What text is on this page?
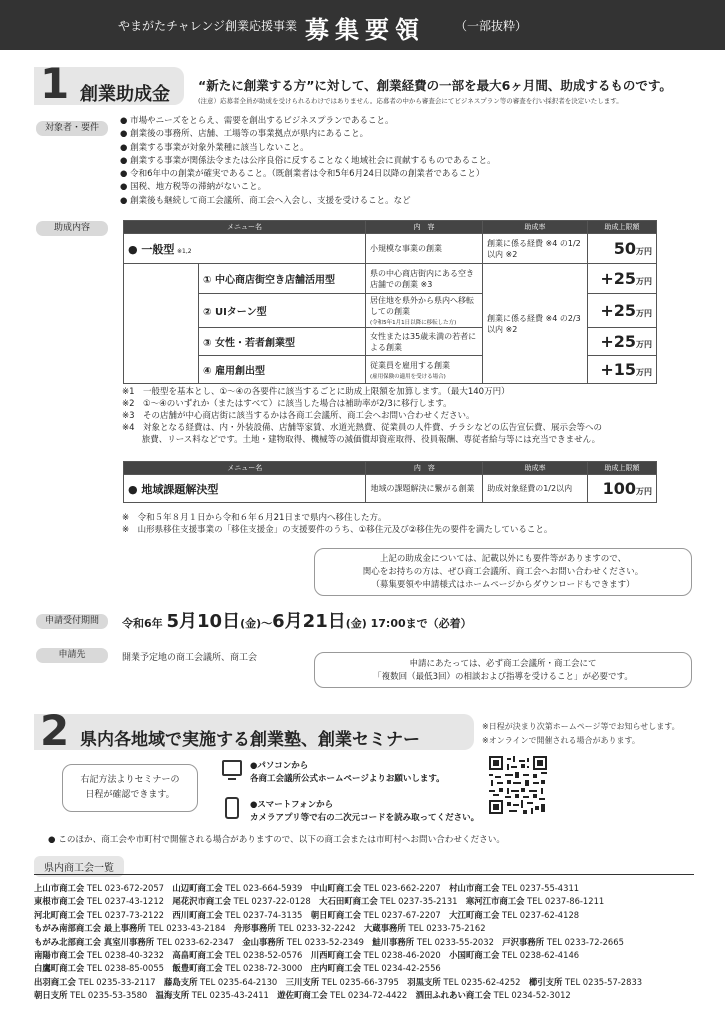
やまがたチャレンジ創業応援事業 募集要領	（一部抜粋）
1 創業助成金 “新たに創業する方”に対して、創業経費の一部を最大6ヶ月間、助成するものです。
(注意）応募者全員が助成を受けられるわけではありません。応募者の中から審査会にてビジネスプラン等の審査を行い採択者を決定いたします。
対象者・要件
● 市場やニーズをとらえ、需要を創出するビジネスプランであること。
● 創業後の事務所、店舗、工場等の事業拠点が県内にあること。
● 創業する事業が対象外業種に該当しないこと。
● 創業する事業が関係法令または公序良俗に反することなく地域社会に貢献するものであること。
● 令和6年中の創業が確実であること。（既創業者は令和5年6月24日以降の創業者であること）
● 国税、地方税等の滞納がないこと。
● 創業後も継続して商工会議所、商工会へ入会し、支援を受けること。など
助成内容	メニュー名		内　容	助成率	助成上限額
● 一般型 ※1,2		小規模な事業の創業	創業に係る経費 ※4 の1/2以内 ※2	50万円
	① 中心商店街空き店舗活用型	県の中心商店街内にある空き店舗での創業 ※3	創業に係る経費 ※4 の2/3以内 ※2	+25万円
	② UIターン型	居住地を県外から県内へ移転しての創業
(令和5年1月1日以降に移転した方)		+25万円
	③ 女性・若者創業型	女性または35歳未満の若者による創業		+25万円
	④ 雇用創出型	従業員を雇用する創業
(雇用保険の適用を受ける場合)		+15万円
※1　一般型を基本とし、①〜④の各要件に該当するごとに助成上限額を加算します。（最大140万円）
※2　①〜④のいずれか（またはすべて）に該当した場合は補助率が2/3に移行します。
※3　その店舗が中心商店街に該当するかは各商工会議所、商工会へお問い合わせください。
※4　対象となる経費は、内・外装設備、店舗等家賃、水道光熱費、従業員の人件費、チラシなどの広告宣伝費、展示会等への
　　 旅費、リース料などです。土地・建物取得、機械等の減価償却資産取得、役員報酬、専従者給与等には充当できません。
メニュー名	内　容	助成率	助成上限額
● 地域課題解決型	地域の課題解決に繋がる創業	助成対象経費の1/2以内	100万円
※　令和５年８月１日から令和６年６月21日まで県内へ移住した方。
※　山形県移住支援事業の「移住支援金」の支援要件のうち、①移住元及び②移住先の要件を満たしていること。
上記の助成金については、記載以外にも要件等がありますので、
関心をお持ちの方は、ぜひ商工会議所、商工会へお問い合わせください。
（募集要領や申請様式はホームページからダウンロードもできます）
申請受付期間	令和6年 5月10日(金)〜6月21日(金) 17:00まで（必着）
申請先	開業予定地の商工会議所、商工会
申請にあたっては、必ず商工会議所・商工会にて
「複数回（最低3回）の相談および指導を受けること」が必要です。
2 県内各地域で実施する創業塾、創業セミナー
※日程が決まり次第ホームページ等でお知らせします。
※オンラインで開催される場合があります。
右記方法よりセミナーの
日程が確認できます。
●パソコンから
各商工会議所公式ホームページよりお願いします。
●スマートフォンから
カメラアプリ等で右の二次元コードを読み取ってください。
● このほか、商工会や市町村で開催される場合がありますので、以下の商工会または市町村へお問い合わせください。
県内商工会一覧
上山市商工会 TEL 023-672-2057　 山辺町商工会 TEL 023-664-5939　 中山町商工会 TEL 023-662-2207　 村山市商工会 TEL 0237-55-4311
東根市商工会 TEL 0237-43-1212　 尾花沢市商工会 TEL 0237-22-0128　 大石田町商工会 TEL 0237-35-2131　 寒河江市商工会 TEL 0237-86-1211
河北町商工会 TEL 0237-73-2122　 西川町商工会 TEL 0237-74-3135　 朝日町商工会 TEL 0237-67-2207　 大江町商工会 TEL 0237-62-4128
もがみ南部商工会 最上事務所 TEL 0233-43-2184　 舟形事務所 TEL 0233-32-2242　 大蔵事務所 TEL 0233-75-2162
もがみ北部商工会 真室川事務所 TEL 0233-62-2347　 金山事務所 TEL 0233-52-2349　 鮭川事務所 TEL 0233-55-2032　 戸沢事務所 TEL 0233-72-2665
南陽市商工会 TEL 0238-40-3232　 高畠町商工会 TEL 0238-52-0576　 川西町商工会 TEL 0238-46-2020　 小国町商工会 TEL 0238-62-4146
白鷹町商工会 TEL 0238-85-0055　 飯豊町商工会 TEL 0238-72-3000　 庄内町商工会 TEL 0234-42-2556
出羽商工会 TEL 0235-33-2117　 藤島支所 TEL 0235-64-2130　 三川支所 TEL 0235-66-3795　 羽黒支所 TEL 0235-62-4252　 櫛引支所 TEL 0235-57-2833
朝日支所 TEL 0235-53-3580　 温海支所 TEL 0235-43-2411　 遊佐町商工会 TEL 0234-72-4422　 酒田ふれあい商工会 TEL 0234-52-3012
